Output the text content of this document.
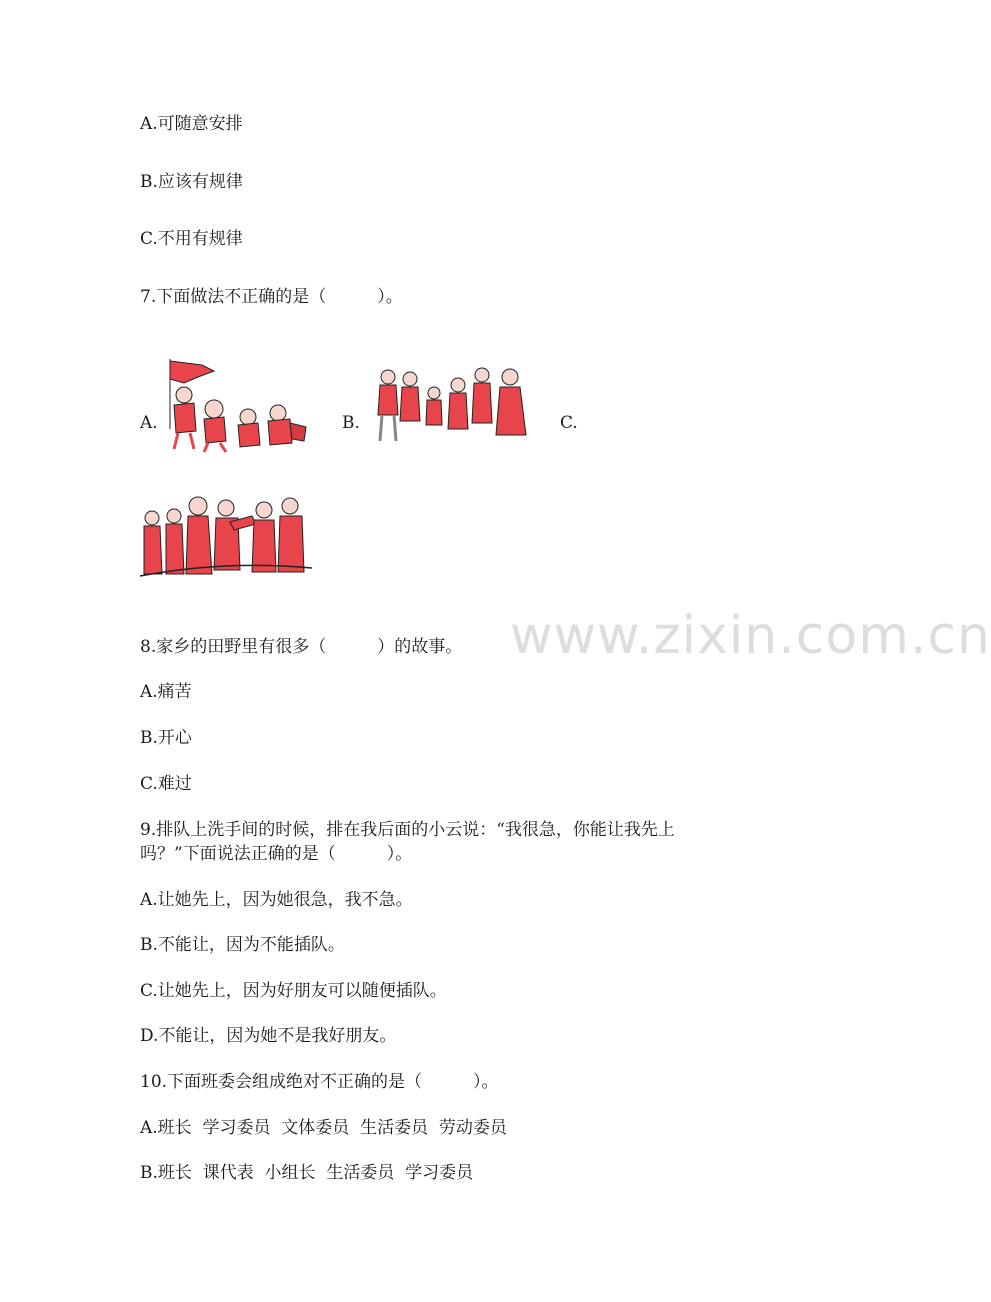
A.可随意安排
B.应该有规律
C.不用有规律
7.下面做法不正确的是（　　　）。
A.	B.	C.
www.zixin.com.cn
8.家乡的田野里有很多（　　　）的故事。
A.痛苦
B.开心
C.难过
9.排队上洗手间的时候，排在我后面的小云说：“我很急，你能让我先上
吗？”下面说法正确的是（　　　）。
A.让她先上，因为她很急，我不急。
B.不能让，因为不能插队。
C.让她先上，因为好朋友可以随便插队。
D.不能让，因为她不是我好朋友。
10.下面班委会组成绝对不正确的是（　　　）。
A.班长  学习委员  文体委员  生活委员  劳动委员
B.班长  课代表  小组长  生活委员  学习委员
